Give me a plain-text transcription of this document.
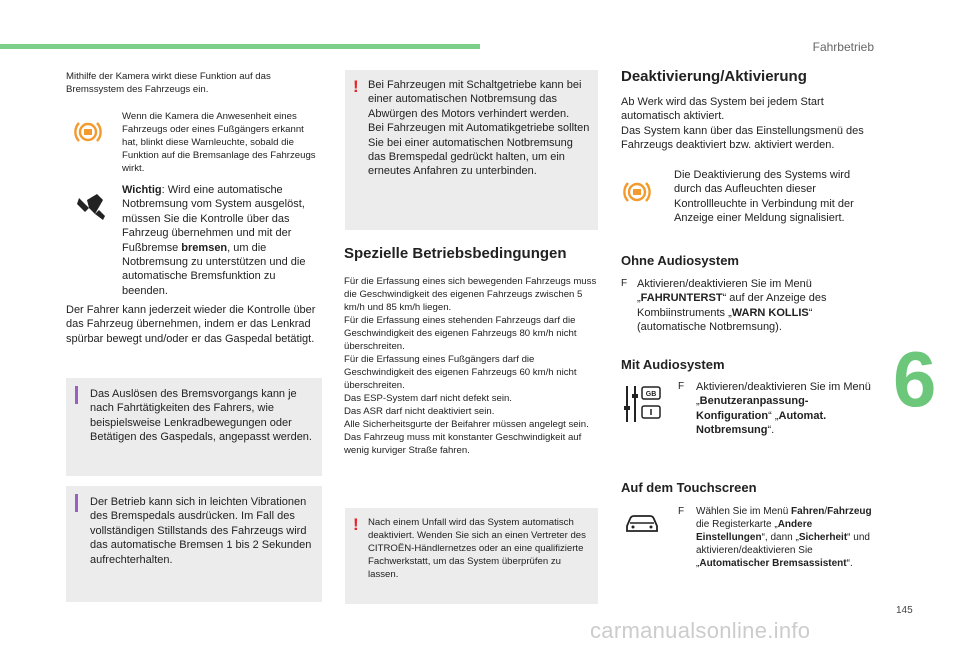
Fahrbetrieb
Mithilfe der Kamera wirkt diese Funktion auf das Bremssystem des Fahrzeugs ein.
Wenn die Kamera die Anwesenheit eines Fahrzeugs oder eines Fußgängers erkannt hat, blinkt diese Warnleuchte, sobald die Funktion auf die Bremsanlage des Fahrzeugs wirkt.
Wichtig: Wird eine automatische Notbremsung vom System ausgelöst, müssen Sie die Kontrolle über das Fahrzeug übernehmen und mit der Fußbremse bremsen, um die Notbremsung zu unterstützen und die automatische Bremsfunktion zu beenden.
Der Fahrer kann jederzeit wieder die Kontrolle über das Fahrzeug übernehmen, indem er das Lenkrad spürbar bewegt und/oder er das Gaspedal betätigt.
Das Auslösen des Bremsvorgangs kann je nach Fahrtätigkeiten des Fahrers, wie beispielsweise Lenkradbewegungen oder Betätigen des Gaspedals, angepasst werden.
Der Betrieb kann sich in leichten Vibrationen des Bremspedals ausdrücken. Im Fall des vollständigen Stillstands des Fahrzeugs wird das automatische Bremsen 1 bis 2 Sekunden aufrechterhalten.
! Bei Fahrzeugen mit Schaltgetriebe kann bei einer automatischen Notbremsung das Abwürgen des Motors verhindert werden.
Bei Fahrzeugen mit Automatikgetriebe sollten Sie bei einer automatischen Notbremsung das Bremspedal gedrückt halten, um ein erneutes Anfahren zu unterbinden.
Spezielle Betriebsbedingungen
Für die Erfassung eines sich bewegenden Fahrzeugs muss die Geschwindigkeit des eigenen Fahrzeugs zwischen 5 km/h und 85 km/h liegen.
Für die Erfassung eines stehenden Fahrzeugs darf die Geschwindigkeit des eigenen Fahrzeugs 80 km/h nicht überschreiten.
Für die Erfassung eines Fußgängers darf die Geschwindigkeit des eigenen Fahrzeugs 60 km/h nicht überschreiten.
Das ESP-System darf nicht defekt sein.
Das ASR darf nicht deaktiviert sein.
Alle Sicherheitsgurte der Beifahrer müssen angelegt sein.
Das Fahrzeug muss mit konstanter Geschwindigkeit auf wenig kurviger Straße fahren.
! Nach einem Unfall wird das System automatisch deaktiviert. Wenden Sie sich an einen Vertreter des CITROËN-Händlernetzes oder an eine qualifizierte Fachwerkstatt, um das System überprüfen zu lassen.
Deaktivierung/Aktivierung
Ab Werk wird das System bei jedem Start automatisch aktiviert.
Das System kann über das Einstellungsmenü des Fahrzeugs deaktiviert bzw. aktiviert werden.
Die Deaktivierung des Systems wird durch das Aufleuchten dieser Kontrollleuchte in Verbindung mit der Anzeige einer Meldung signalisiert.
Ohne Audiosystem
F Aktivieren/deaktivieren Sie im Menü „FAHRUNTERST“ auf der Anzeige des Kombiinstruments „WARN KOLLIS“ (automatische Notbremsung).
Mit Audiosystem
GB
F Aktivieren/deaktivieren Sie im Menü „Benutzeranpassung-Konfiguration“ „Automat. Notbremsung“.
Auf dem Touchscreen
F Wählen Sie im Menü Fahren/Fahrzeug die Registerkarte „Andere Einstellungen“, dann „Sicherheit“ und aktivieren/deaktivieren Sie „Automatischer Bremsassistent“.
6
145
carmanualsonline.info
